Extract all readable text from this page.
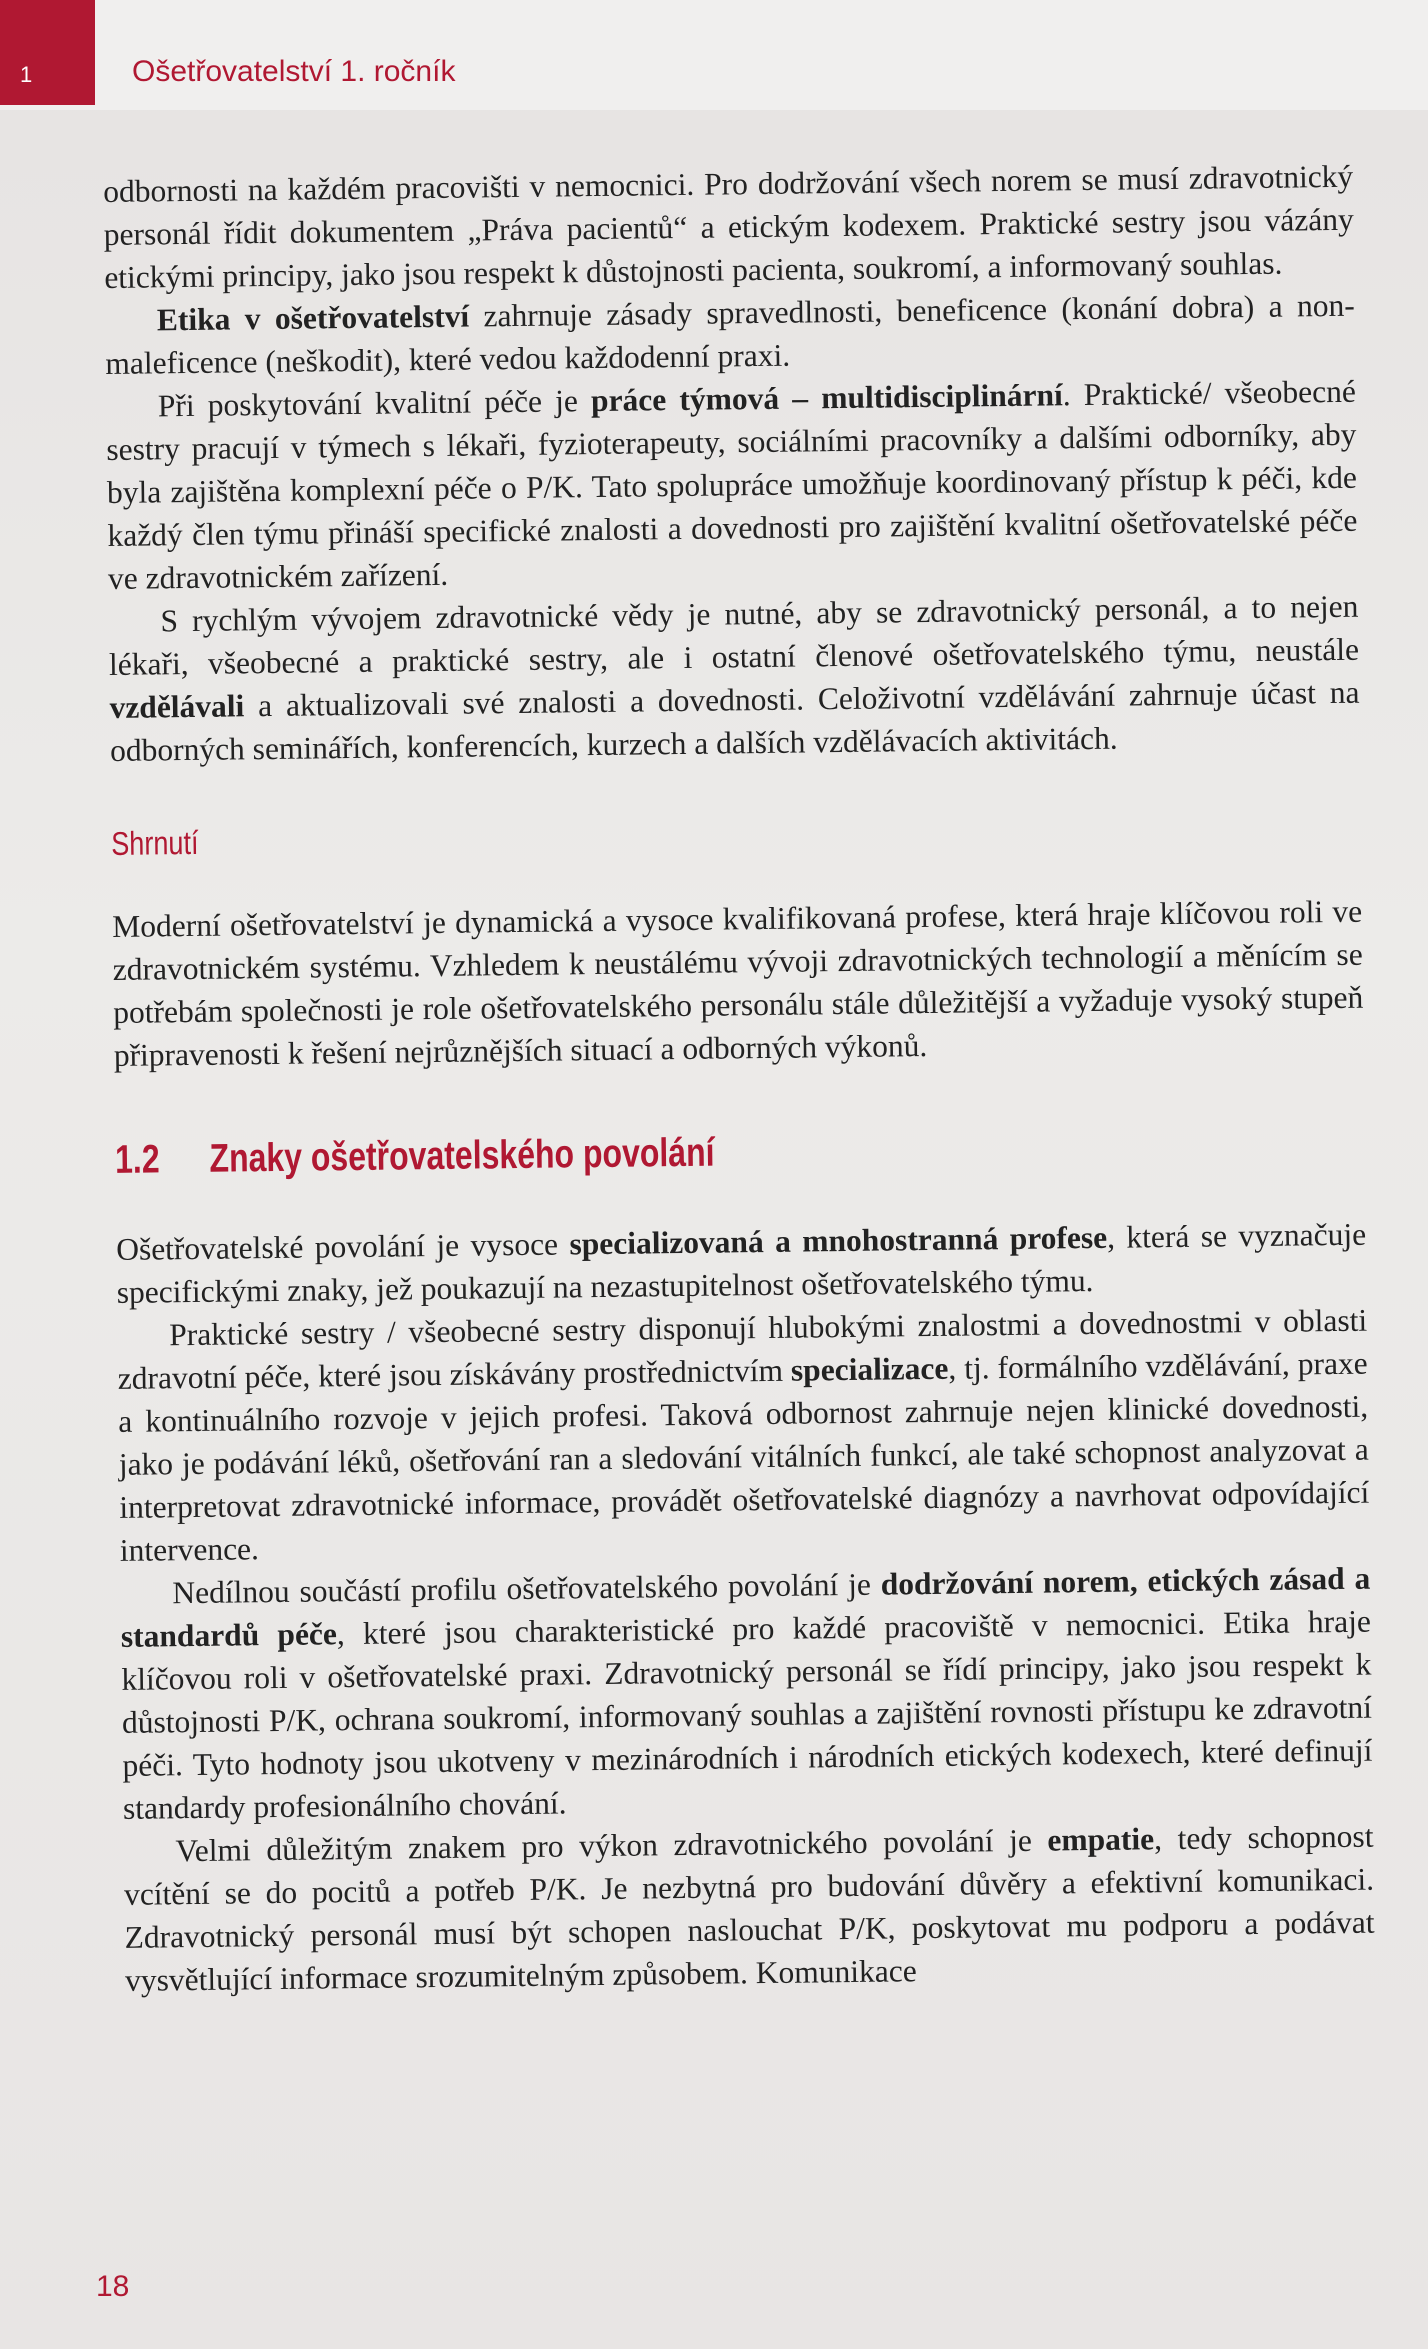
1	Ošetřovatelství 1. ročník

odbornosti na každém pracovišti v nemocnici. Pro dodržování všech norem se musí zdravotnický personál řídit dokumentem „Práva pacientů“ a etickým kodexem. Praktické sestry jsou vázány etickými principy, jako jsou respekt k důstojnosti pacienta, soukromí, a informovaný souhlas.

Etika v ošetřovatelství zahrnuje zásady spravedlnosti, beneficence (konání dobra) a non-maleficence (neškodit), které vedou každodenní praxi.

Při poskytování kvalitní péče je práce týmová – multidisciplinární. Praktické/ všeobecné sestry pracují v týmech s lékaři, fyzioterapeuty, sociálními pracovníky a dalšími odborníky, aby byla zajištěna komplexní péče o P/K. Tato spolupráce umožňuje koordinovaný přístup k péči, kde každý člen týmu přináší specifické znalosti a dovednosti pro zajištění kvalitní ošetřovatelské péče ve zdravotnickém zařízení.

S rychlým vývojem zdravotnické vědy je nutné, aby se zdravotnický personál, a to nejen lékaři, všeobecné a praktické sestry, ale i ostatní členové ošetřovatelského týmu, neustále vzdělávali a aktualizovali své znalosti a dovednosti. Celoživotní vzdělávání zahrnuje účast na odborných seminářích, konferencích, kurzech a dalších vzdělávacích aktivitách.

Shrnutí

Moderní ošetřovatelství je dynamická a vysoce kvalifikovaná profese, která hraje klíčovou roli ve zdravotnickém systému. Vzhledem k neustálému vývoji zdravotnických technologií a měnícím se potřebám společnosti je role ošetřovatelského personálu stále důležitější a vyžaduje vysoký stupeň připravenosti k řešení nejrůznějších situací a odborných výkonů.

1.2 Znaky ošetřovatelského povolání

Ošetřovatelské povolání je vysoce specializovaná a mnohostranná profese, která se vyznačuje specifickými znaky, jež poukazují na nezastupitelnost ošetřovatelského týmu.

Praktické sestry / všeobecné sestry disponují hlubokými znalostmi a dovednostmi v oblasti zdravotní péče, které jsou získávány prostřednictvím specializace, tj. formálního vzdělávání, praxe a kontinuálního rozvoje v jejich profesi. Taková odbornost zahrnuje nejen klinické dovednosti, jako je podávání léků, ošetřování ran a sledování vitálních funkcí, ale také schopnost analyzovat a interpretovat zdravotnické informace, provádět ošetřovatelské diagnózy a navrhovat odpovídající intervence.

Nedílnou součástí profilu ošetřovatelského povolání je dodržování norem, etických zásad a standardů péče, které jsou charakteristické pro každé pracoviště v nemocnici. Etika hraje klíčovou roli v ošetřovatelské praxi. Zdravotnický personál se řídí principy, jako jsou respekt k důstojnosti P/K, ochrana soukromí, informovaný souhlas a zajištění rovnosti přístupu ke zdravotní péči. Tyto hodnoty jsou ukotveny v mezinárodních i národních etických kodexech, které definují standardy profesionálního chování.

Velmi důležitým znakem pro výkon zdravotnického povolání je empatie, tedy schopnost vcítění se do pocitů a potřeb P/K. Je nezbytná pro budování důvěry a efektivní komunikaci. Zdravotnický personál musí být schopen naslouchat P/K, poskytovat mu podporu a podávat vysvětlující informace srozumitelným způsobem. Komunikace

18
